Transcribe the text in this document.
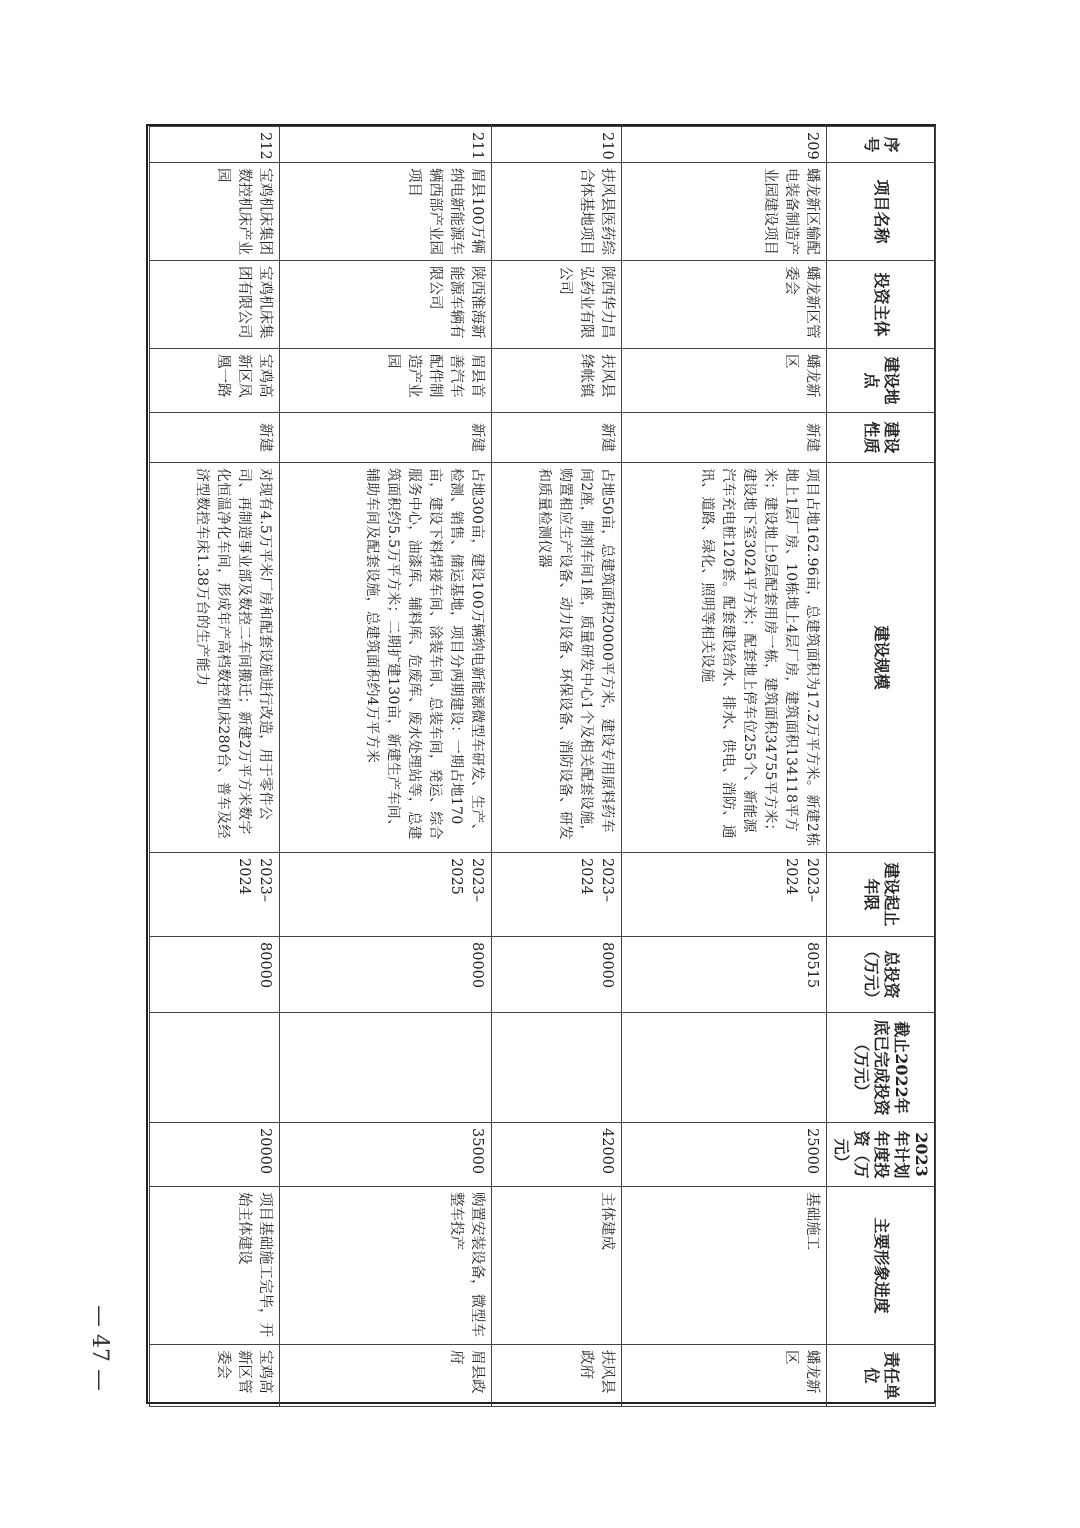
序号	项目名称	投资主体	建设地点	建设性质	建设规模	建设起止年限	总投资（万元）	截止2022年底已完成投资（万元）	2023年计划年度投资（万元）	主要形象进度	责任单位
209	蟠龙新区输配电装备制造产业园建设项目	蟠龙新区管委会	蟠龙新区	新建	项目占地162.96亩，总建筑面积为17.2万平方米。新建2栋地上1层厂房、10栋地上4层厂房，建筑面积134118平方米；建设地上9层配套用房一栋，建筑面积34755平方米；建设地下室3024平方米；配套地上停车位255个、新能源汽车充电桩120套。配套建设给水、排水、供电、消防、通讯、道路、绿化、照明等相关设施	2023–2024	80515		25000	基础施工	蟠龙新区
210	扶风县医药综合体基地项目	陕西华力昌弘药业有限公司	扶风县绛帐镇	新建	占地50亩，总建筑面积20000平方米，建设专用原料药车间2座，制剂车间1座，质量研发中心1个及相关配套设施，购置相应生产设备、动力设备、环保设备、消防设备、研发和质量检测仪器	2023–2024	80000		42000	主体建成	扶风县政府
211	眉县100万辆纳电新能源车辆西部产业园项目	陕西淮海新能源车辆有限公司	眉县首善汽车配件制造产业园	新建	占地300亩，建设100万辆纳电新能源微型车研发、生产、检测、销售、储运基地，项目分两期建设：一期占地170亩，建设下料焊接车间、涂装车间、总装车间，発运、综合服务中心，油漆库、辅料库、危废库、废水处理站等，总建筑面积约5.5万平方米；二期扩建130亩，新建生产车间、辅助车间及配套设施，总建筑面积约4万平方米	2023–2025	80000		35000	购置安装设备，微型车整车投产	眉县政府
212	宝鸡机床集团数控机床产业园	宝鸡机床集团有限公司	宝鸡高新区凤凰一路	新建	对现有4.5万平米厂房和配套设施进行改造，用于零件公司、再制造事业部及数控二车间搬迁；新建2万平方米数字化恒温净化车间，形成年产高档数控机床280台、普车及经济型数控车床1.38万台的生产能力	2023–2024	80000		20000	项目基础施工完毕，开始主体建设	宝鸡高新区管委会
— 47 —
